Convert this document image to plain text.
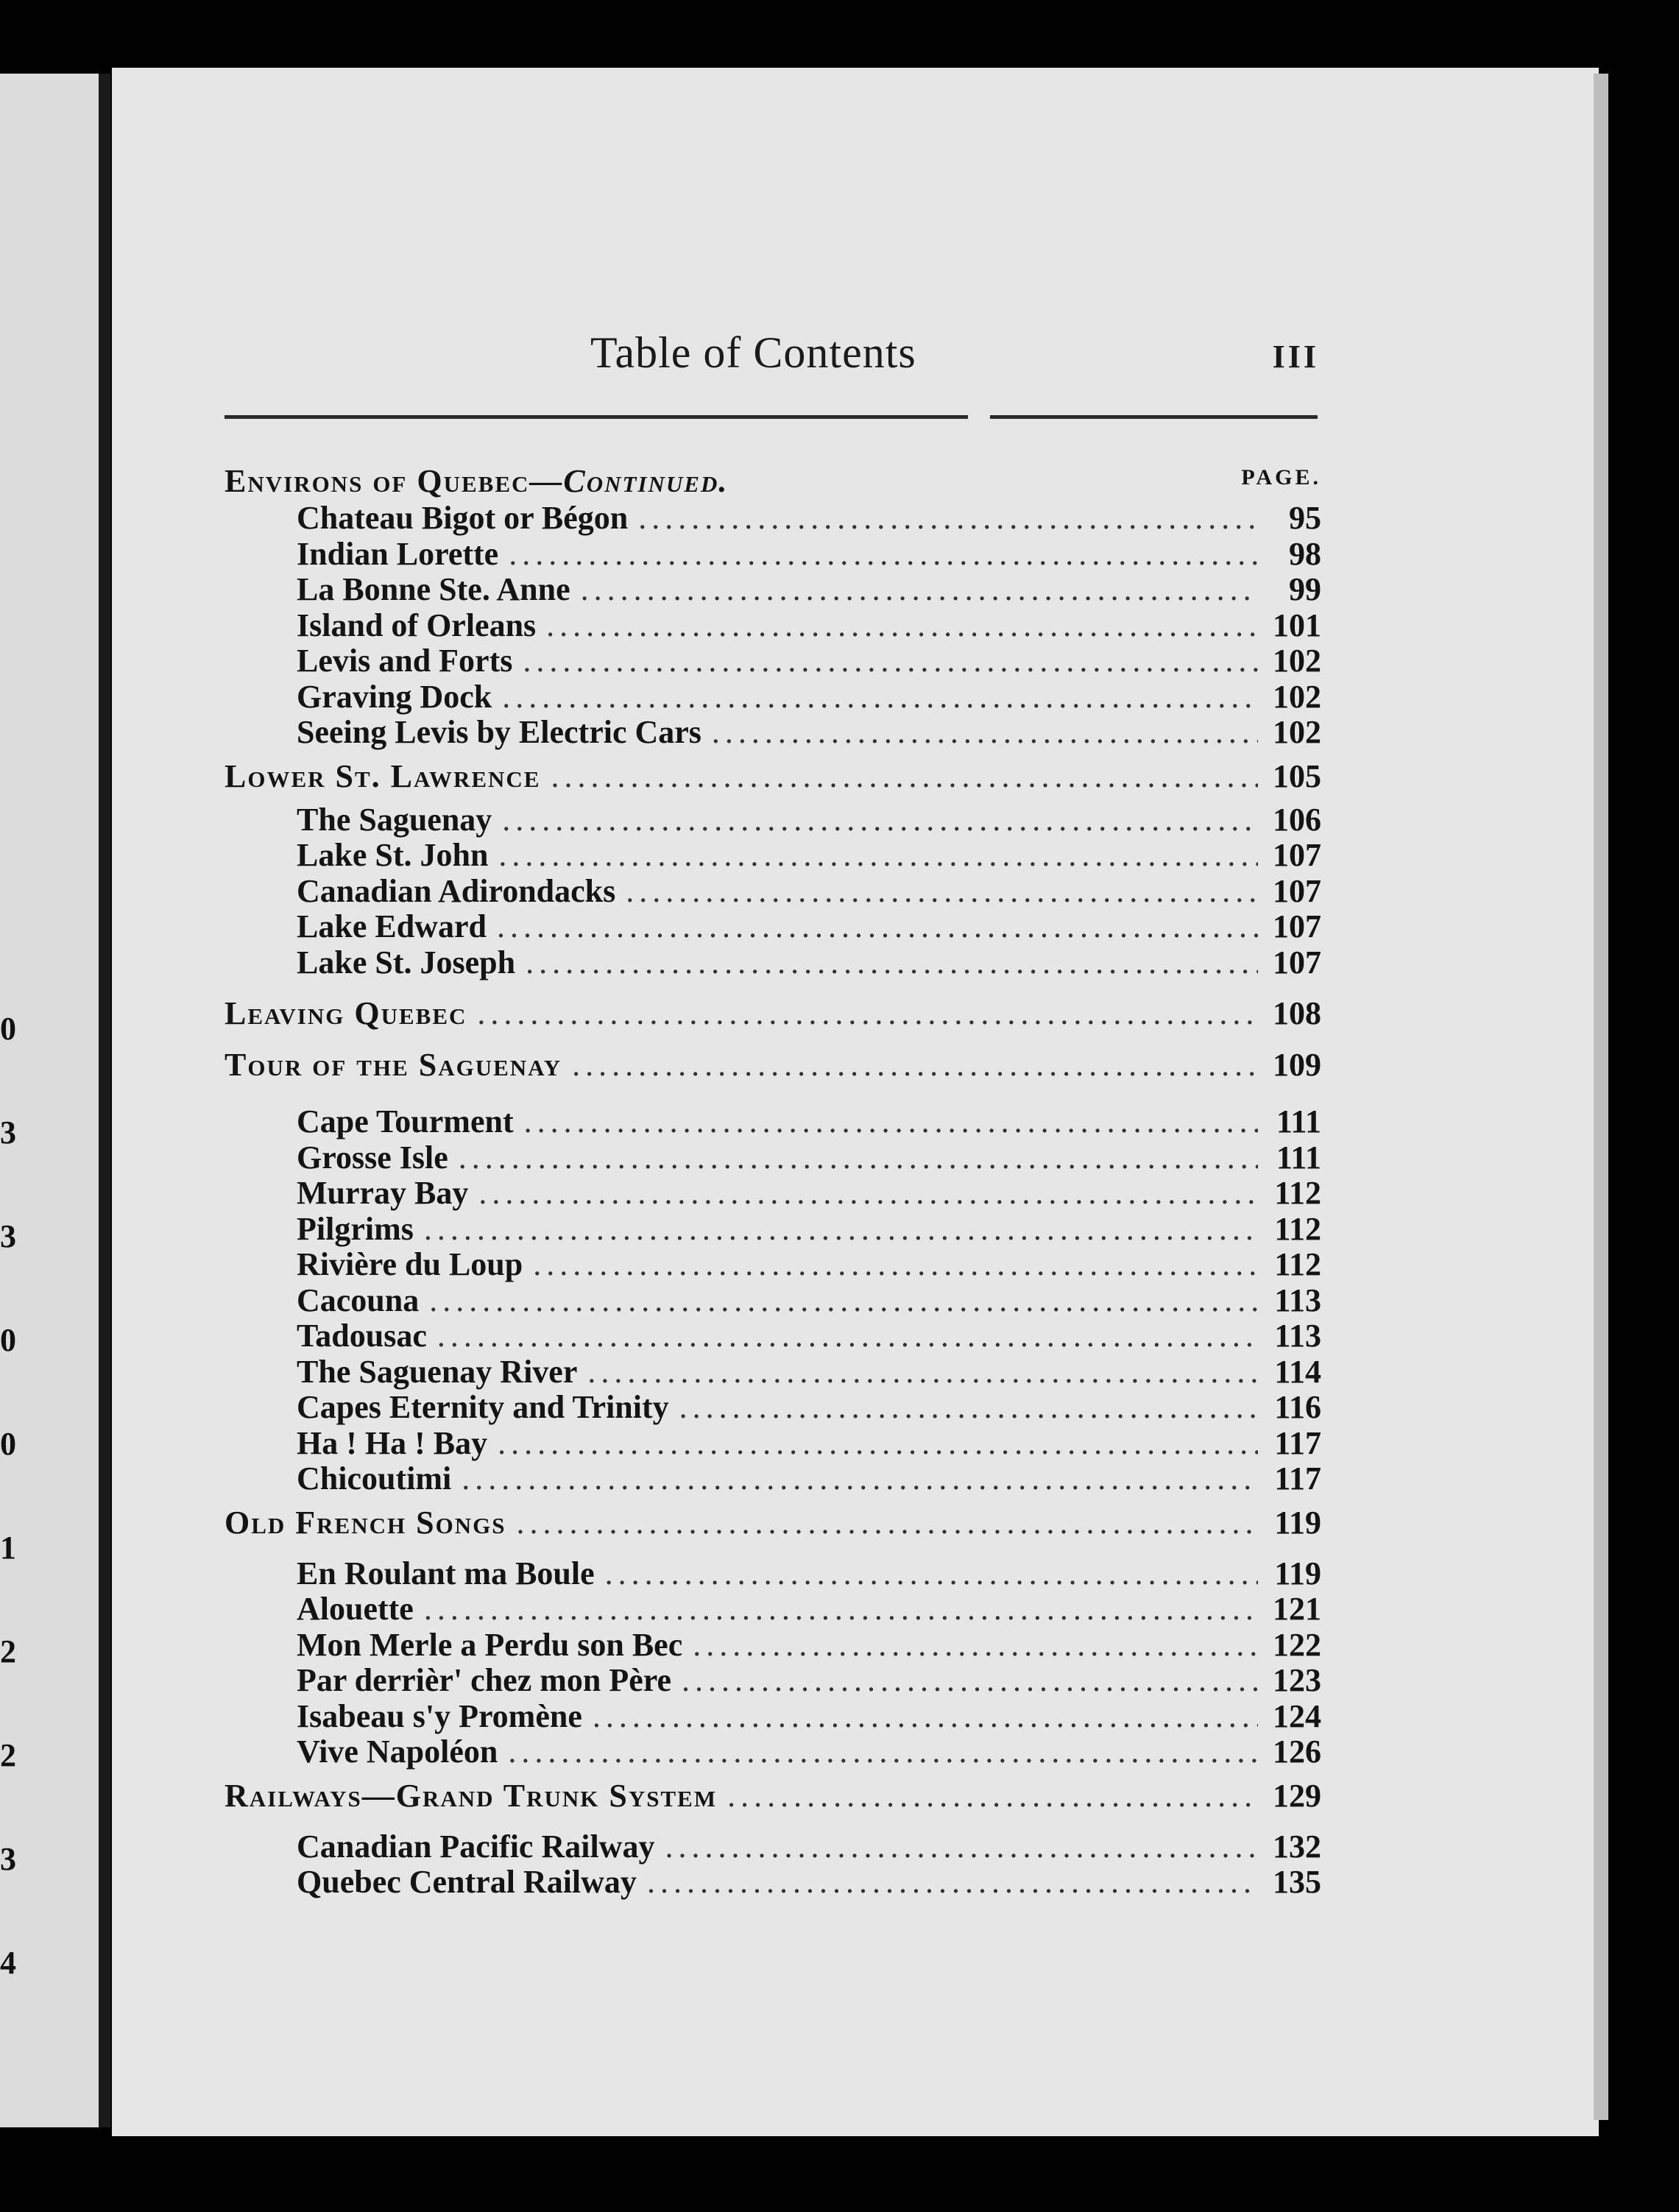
0

3

3

0

0

1

2

2

3

4

Table of Contents	III
Environs of Quebec—Continued.	PAGE.
Chateau Bigot or Bégon .....	95
Indian Lorette .....	98
La Bonne Ste. Anne .....	99
Island of Orleans .....	101
Levis and Forts .....	102
Graving Dock .....	102
Seeing Levis by Electric Cars .....	102
Lower St. Lawrence .....	105
The Saguenay .....	106
Lake St. John .....	107
Canadian Adirondacks .....	107
Lake Edward .....	107
Lake St. Joseph .....	107
Leaving Quebec .....	108
Tour of the Saguenay .....	109
Cape Tourment .....	111
Grosse Isle .....	111
Murray Bay .....	112
Pilgrims .....	112
Rivière du Loup .....	112
Cacouna .....	113
Tadousac .....	113
The Saguenay River .....	114
Capes Eternity and Trinity .....	116
Ha ! Ha ! Bay .....	117
Chicoutimi .....	117
Old French Songs .....	119
En Roulant ma Boule .....	119
Alouette .....	121
Mon Merle a Perdu son Bec .....	122
Par derrièr' chez mon Père .....	123
Isabeau s'y Promène .....	124
Vive Napoléon .....	126
Railways—Grand Trunk System .....	129
Canadian Pacific Railway .....	132
Quebec Central Railway .....	135
